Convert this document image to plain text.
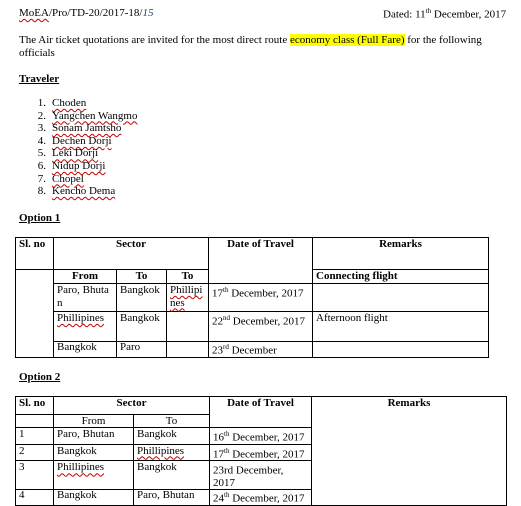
MoEA/Pro/TD-20/2017-18/15	Dated: 11th December, 2017
The Air ticket quotations are invited for the most direct route economy class (Full Fare) for the following officials
Traveler
1. Choden
2. Yangchen Wangmo
3. Sonam Jamtsho
4. Dechen Dorji
5. Leki Dorji
6. Nidup Dorji
7. Chopel
8. Kencho Dema
Option 1
Sl. no	Sector			Date of Travel	Remarks
	From	To	To		Connecting flight
	Paro, Bhutan	Bangkok	Phillipines	17th December, 2017	
	Phillipines	Bangkok		22nd December, 2017	Afternoon flight
	Bangkok	Paro		23rd December	
Option 2
Sl. no	Sector		Date of Travel	Remarks
	From	To		
1	Paro, Bhutan	Bangkok	16th December, 2017	
2	Bangkok	Phillipines	17th December, 2017	
3	Phillipines	Bangkok	23rd December, 2017	
4	Bangkok	Paro, Bhutan	24th December, 2017	
